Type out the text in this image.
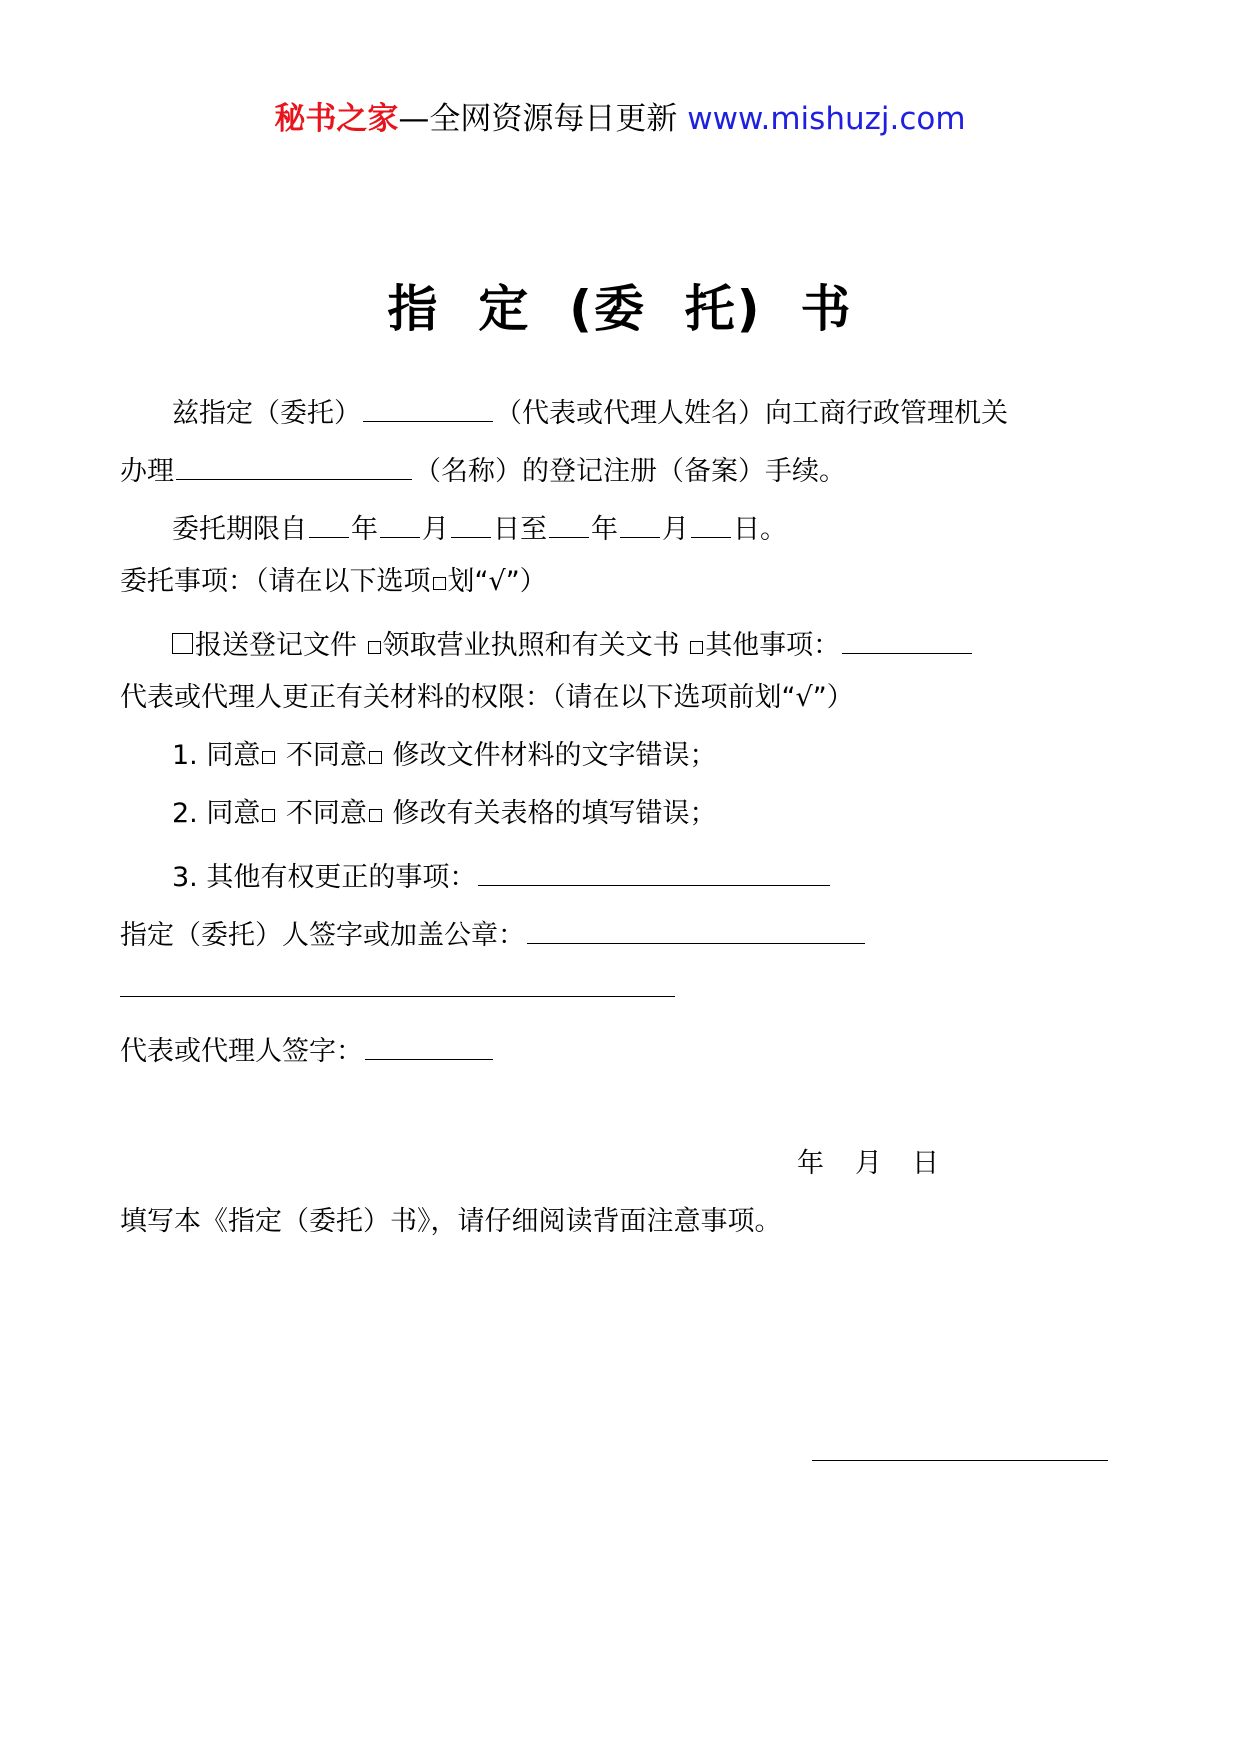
秘书之家—全网资源每日更新 www.mishuzj.com
指  定  (委  托)  书
兹指定（委托）	（代表或代理人姓名）向工商行政管理机关
办理	（名称）的登记注册（备案）手续。
委托期限自 年 月 日至 年 月 日。
委托事项：（请在以下选项 划“√”）
报送登记文件 领取营业执照和有关文书 其他事项：
代表或代理人更正有关材料的权限：（请在以下选项前划“√”）
1. 同意 不同意 修改文件材料的文字错误；
2. 同意 不同意 修改有关表格的填写错误；
3. 其他有权更正的事项：
指定（委托）人签字或加盖公章：
代表或代理人签字：
年 月 日
填写本《指定（委托）书》，请仔细阅读背面注意事项。
